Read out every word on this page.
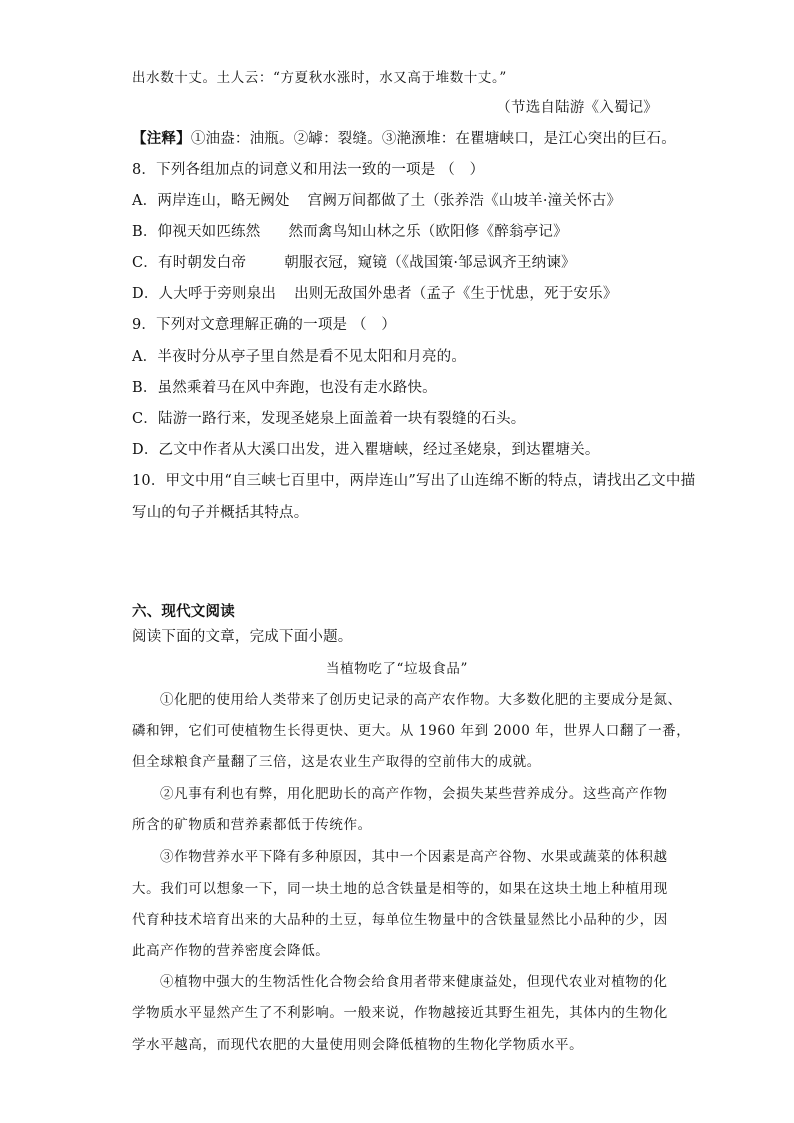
出水数十丈。土人云：“方夏秋水涨时，水又高于堆数十丈。”
（节选自陆游《入蜀记》
【注释】①油盎：油瓶。②罅：裂缝。③滟滪堆：在瞿塘峡口，是江心突出的巨石。
8．下列各组加点的词意义和用法一致的一项是 （　）
A．两岸连山，略无阙处 宫阙万间都做了土（张养浩《山坡羊·潼关怀古》
B．仰视天如匹练然 然而禽鸟知山林之乐（欧阳修《醉翁亭记》
C．有时朝发白帝	朝服衣冠，窥镜（《战国策·邹忌讽齐王纳谏》
D．人大呼于旁则泉出 出则无敌国外患者（孟子《生于忧患，死于安乐》
9．下列对文意理解正确的一项是 （　）
A．半夜时分从亭子里自然是看不见太阳和月亮的。
B．虽然乘着马在风中奔跑，也没有走水路快。
C．陆游一路行来，发现圣姥泉上面盖着一块有裂缝的石头。
D．乙文中作者从大溪口出发，进入瞿塘峡，经过圣姥泉，到达瞿塘关。
10．甲文中用“自三峡七百里中，两岸连山”写出了山连绵不断的特点，请找出乙文中描
写山的句子并概括其特点。
六、现代文阅读
阅读下面的文章，完成下面小题。
当植物吃了“垃圾食品”
①化肥的使用给人类带来了创历史记录的高产农作物。大多数化肥的主要成分是氮、
磷和钾，它们可使植物生长得更快、更大。从 1960 年到 2000 年，世界人口翻了一番，
但全球粮食产量翻了三倍，这是农业生产取得的空前伟大的成就。
②凡事有利也有弊，用化肥助长的高产作物，会损失某些营养成分。这些高产作物
所含的矿物质和营养素都低于传统作。
③作物营养水平下降有多种原因，其中一个因素是高产谷物、水果或蔬菜的体积越
大。我们可以想象一下，同一块土地的总含铁量是相等的，如果在这块土地上种植用现
代育种技术培育出来的大品种的土豆，每单位生物量中的含铁量显然比小品种的少，因
此高产作物的营养密度会降低。
④植物中强大的生物活性化合物会给食用者带来健康益处，但现代农业对植物的化
学物质水平显然产生了不利影响。一般来说，作物越接近其野生祖先，其体内的生物化
学水平越高，而现代农肥的大量使用则会降低植物的生物化学物质水平。
